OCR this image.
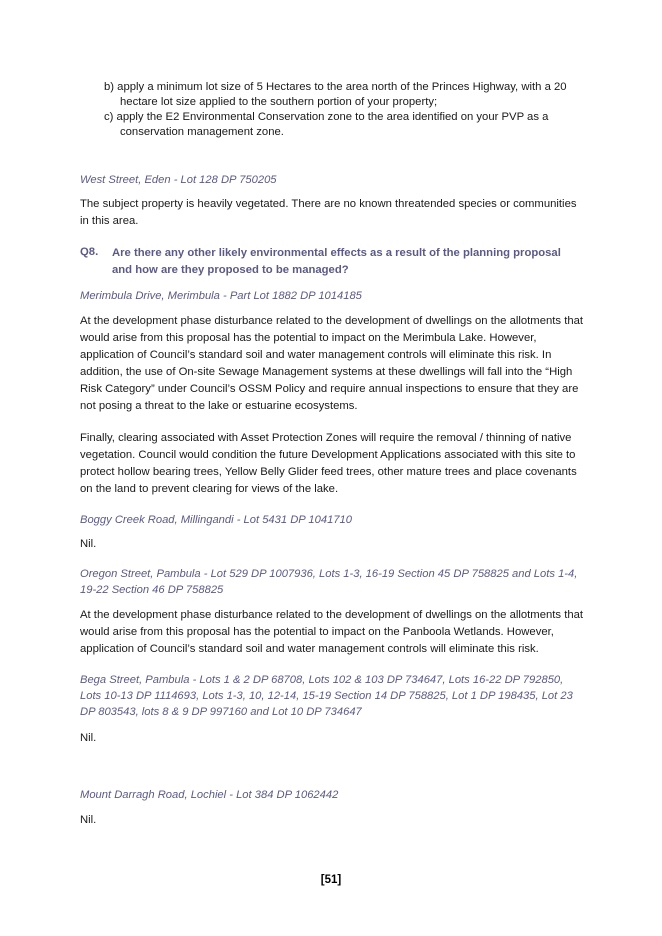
b) apply a minimum lot size of 5 Hectares to the area north of the Princes Highway, with a 20 hectare lot size applied to the southern portion of your property;

c) apply the E2 Environmental Conservation zone to the area identified on your PVP as a conservation management zone.

West Street, Eden - Lot 128 DP 750205

The subject property is heavily vegetated. There are no known threatended species or communities in this area.

Q8. Are there any other likely environmental effects as a result of the planning proposal and how are they proposed to be managed?

Merimbula Drive, Merimbula - Part Lot 1882 DP 1014185

At the development phase disturbance related to the development of dwellings on the allotments that would arise from this proposal has the potential to impact on the Merimbula Lake. However, application of Council’s standard soil and water management controls will eliminate this risk. In addition, the use of On-site Sewage Management systems at these dwellings will fall into the “High Risk Category” under Council’s OSSM Policy and require annual inspections to ensure that they are not posing a threat to the lake or estuarine ecosystems.

Finally, clearing associated with Asset Protection Zones will require the removal / thinning of native vegetation. Council would condition the future Development Applications associated with this site to protect hollow bearing trees, Yellow Belly Glider feed trees, other mature trees and place covenants on the land to prevent clearing for views of the lake.

Boggy Creek Road, Millingandi - Lot 5431 DP 1041710

Nil.

Oregon Street, Pambula - Lot 529 DP 1007936, Lots 1-3, 16-19 Section 45 DP 758825 and Lots 1-4, 19-22 Section 46 DP 758825

At the development phase disturbance related to the development of dwellings on the allotments that would arise from this proposal has the potential to impact on the Panboola Wetlands. However, application of Council’s standard soil and water management controls will eliminate this risk.

Bega Street, Pambula - Lots 1 & 2 DP 68708, Lots 102 & 103 DP 734647, Lots 16-22 DP 792850, Lots 10-13 DP 1114693, Lots 1-3, 10, 12-14, 15-19 Section 14 DP 758825, Lot 1 DP 198435, Lot 23 DP 803543, lots 8 & 9 DP 997160 and Lot 10 DP 734647

Nil.

Mount Darragh Road, Lochiel - Lot 384 DP 1062442

Nil.

[51]
